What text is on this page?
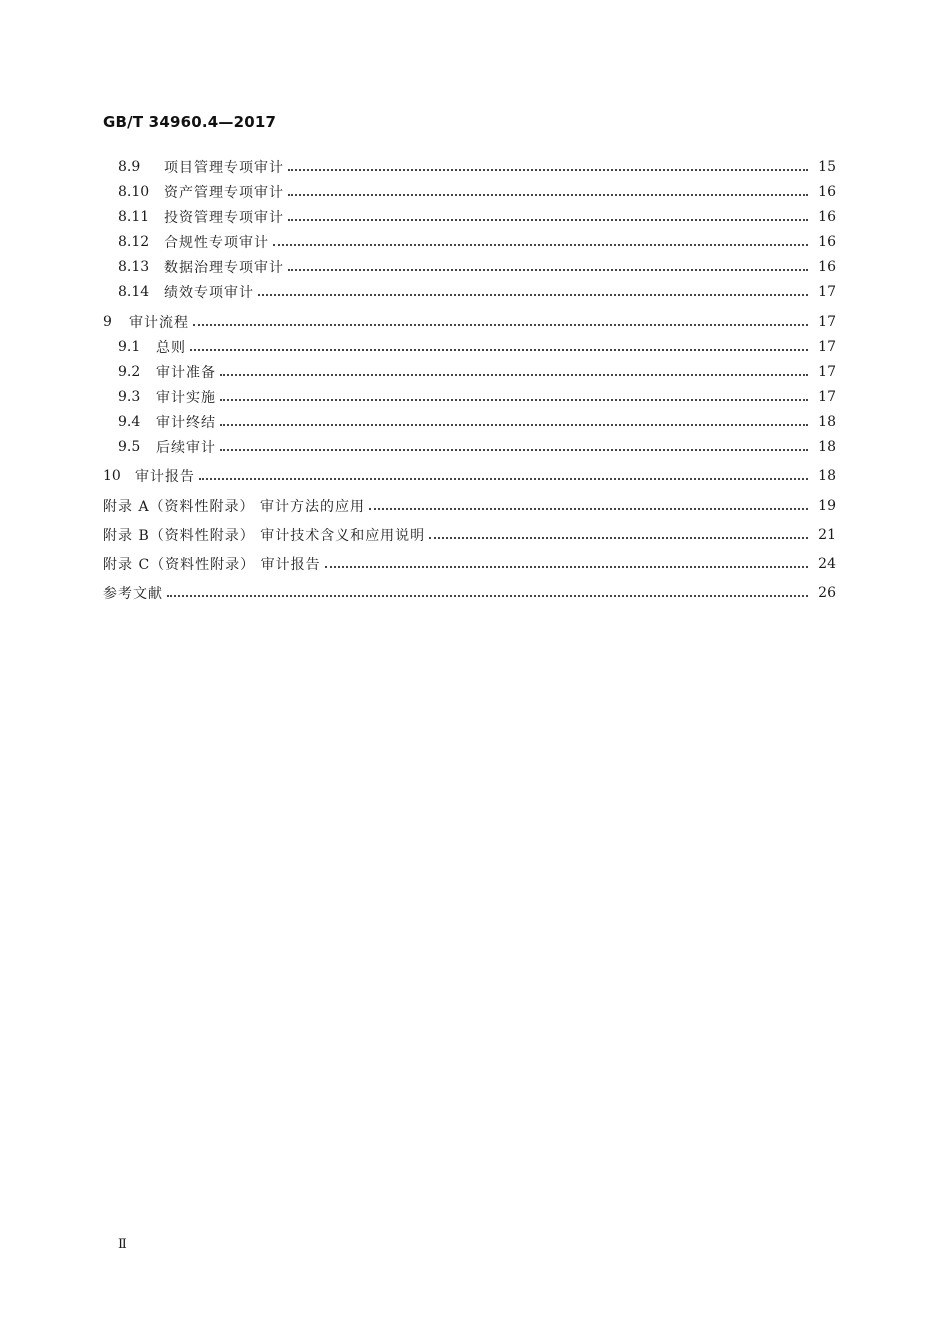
GB/T 34960.4—2017
8.9	项目管理专项审计	15
8.10	资产管理专项审计	16
8.11	投资管理专项审计	16
8.12	合规性专项审计	16
8.13	数据治理专项审计	16
8.14	绩效专项审计	17
9	审计流程	17
9.1	总则	17
9.2	审计准备	17
9.3	审计实施	17
9.4	审计终结	18
9.5	后续审计	18
10	审计报告	18
附录 A（资料性附录） 审计方法的应用	19
附录 B（资料性附录） 审计技术含义和应用说明	21
附录 C（资料性附录） 审计报告	24
参考文献	26
Ⅱ
